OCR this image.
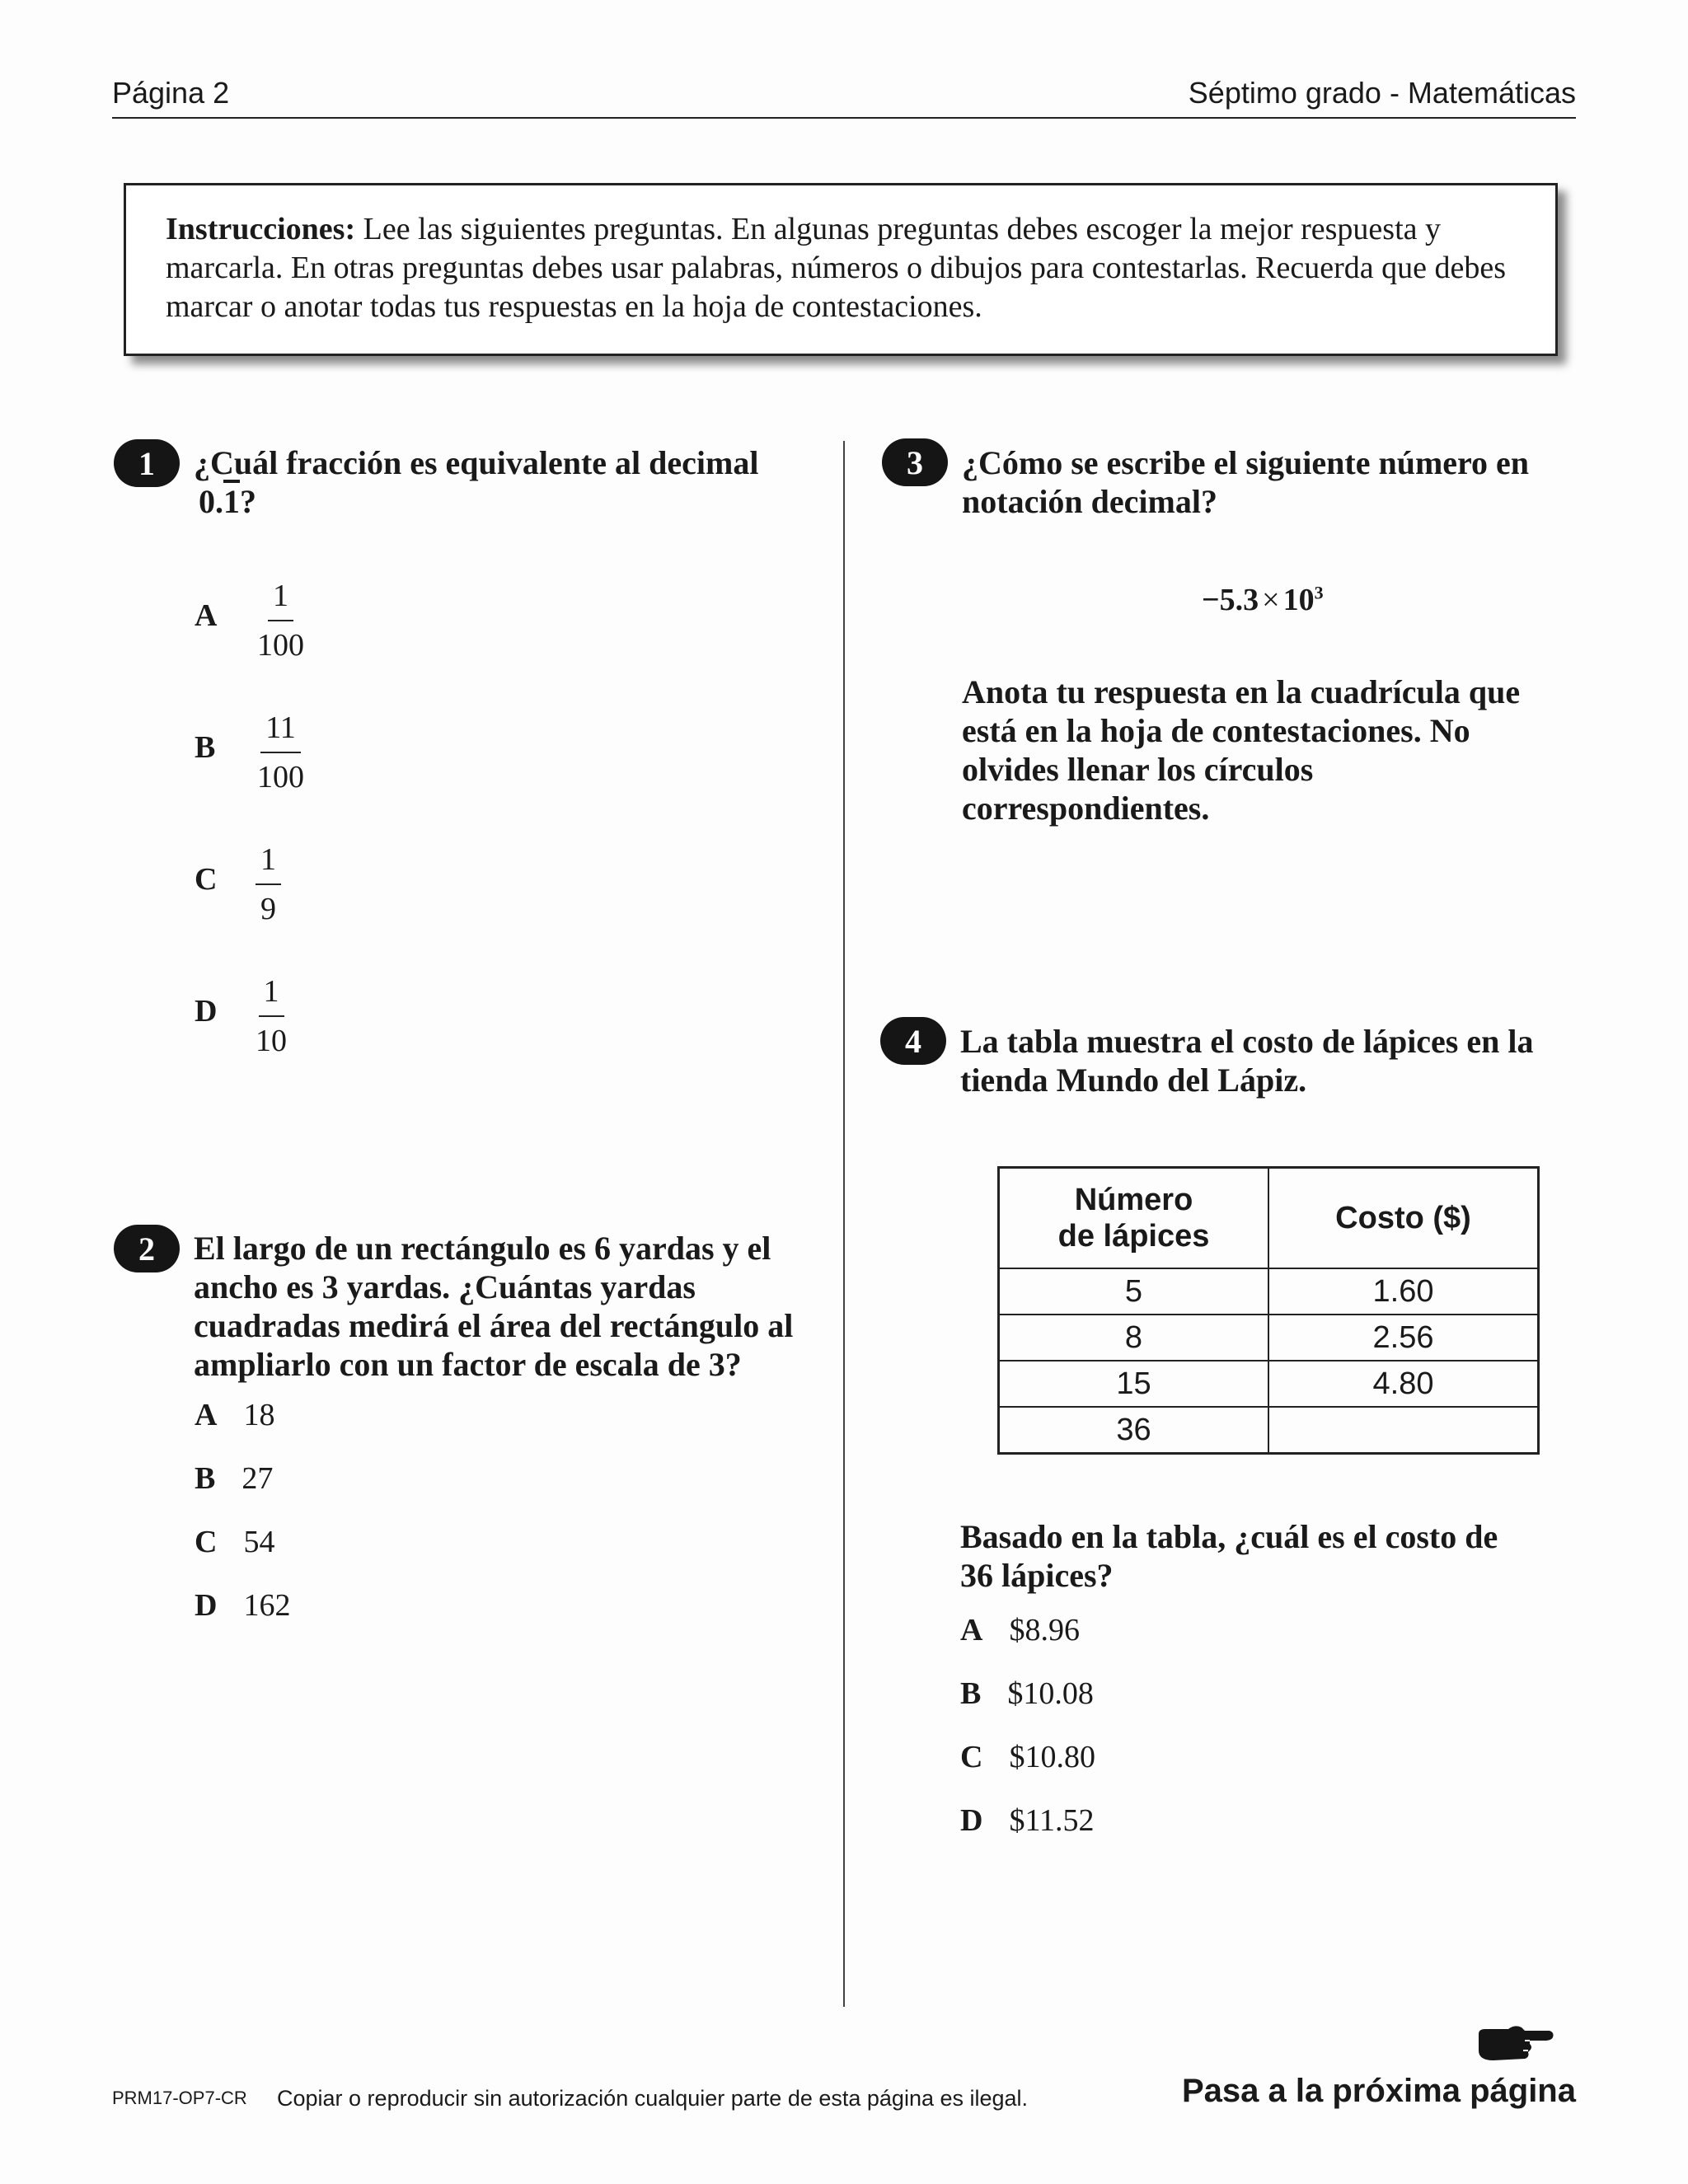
Página 2	Séptimo grado - Matemáticas
Instrucciones: Lee las siguientes preguntas. En algunas preguntas debes escoger la mejor respuesta y marcarla. En otras preguntas debes usar palabras, números o dibujos para contestarlas. Recuerda que debes marcar o anotar todas tus respuestas en la hoja de contestaciones.
1	¿Cuál fracción es equivalente al decimal
0.1?
A $\frac{1}{100}$
B $\frac{11}{100}$
C $\frac{1}{9}$
D $\frac{1}{10}$
2	El largo de un rectángulo es 6 yardas y el
ancho es 3 yardas. ¿Cuántas yardas
cuadradas medirá el área del rectángulo al
ampliarlo con un factor de escala de 3?
A 18
B 27
C 54
D 162
3	¿Cómo se escribe el siguiente número en
notación decimal?
$-5.3 \times 10^3$
Anota tu respuesta en la cuadrícula que
está en la hoja de contestaciones. No
olvides llenar los círculos
correspondientes.
4	La tabla muestra el costo de lápices en la
tienda Mundo del Lápiz.
Número
de lápices	Costo ($)
5	1.60
8	2.56
15	4.80
36	
Basado en la tabla, ¿cuál es el costo de
36 lápices?
A $8.96
B $10.08
C $10.80
D $11.52
PRM17-OP7-CR Copiar o reproducir sin autorización cualquier parte de esta página es ilegal.	Pasa a la próxima página
